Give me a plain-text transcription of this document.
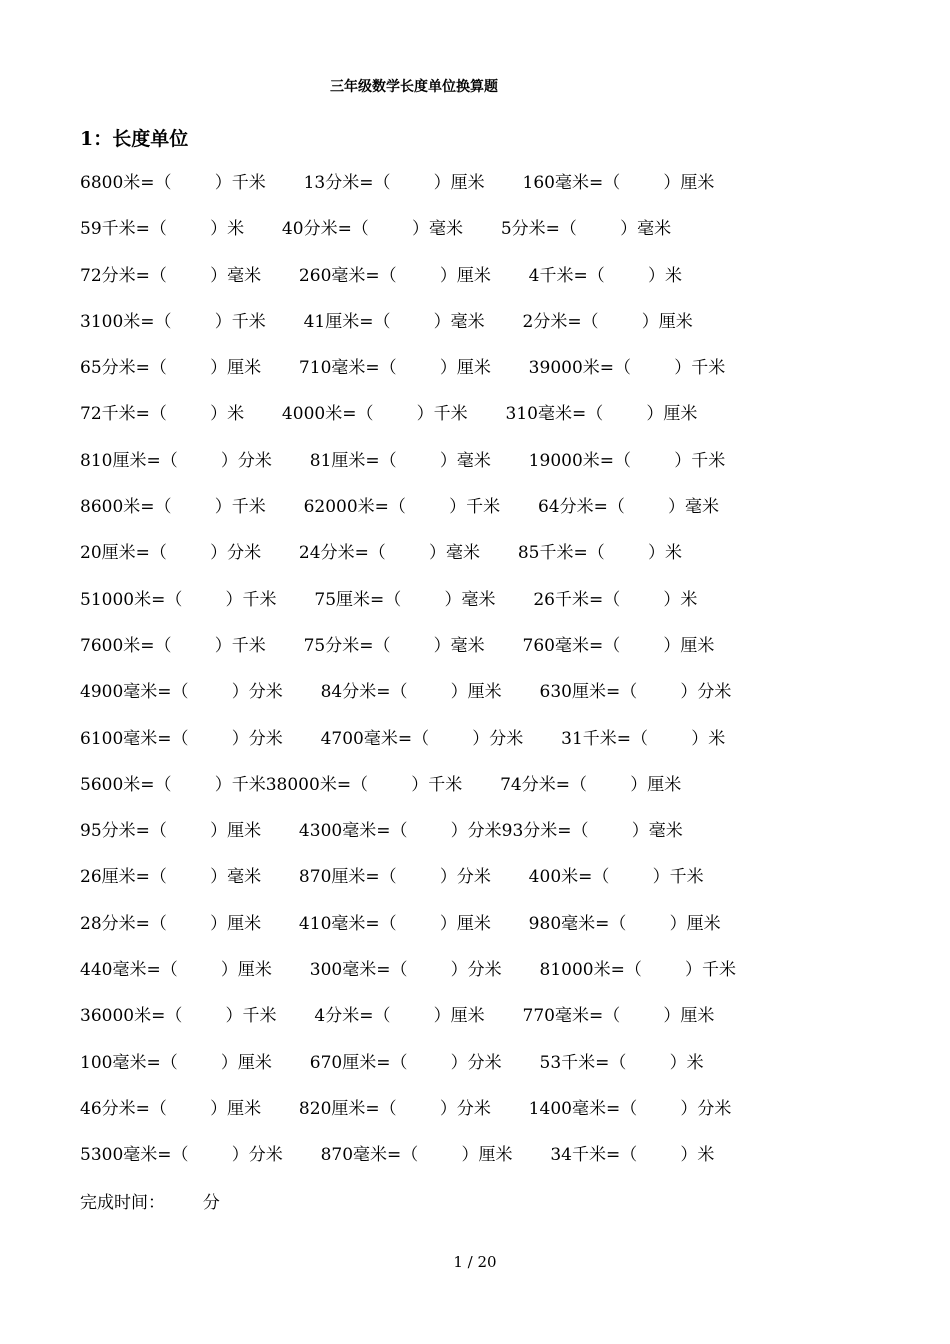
三年级数学长度单位换算题
1：长度单位
6800米=（        ）千米       13分米=（        ）厘米       160毫米=（        ）厘米
59千米=（        ）米       40分米=（        ）毫米       5分米=（        ）毫米
72分米=（        ）毫米       260毫米=（        ）厘米       4千米=（        ）米
3100米=（        ）千米       41厘米=（        ）毫米       2分米=（        ）厘米
65分米=（        ）厘米       710毫米=（        ）厘米       39000米=（        ）千米
72千米=（        ）米       4000米=（        ）千米       310毫米=（        ）厘米
810厘米=（        ）分米       81厘米=（        ）毫米       19000米=（        ）千米
8600米=（        ）千米       62000米=（        ）千米       64分米=（        ）毫米
20厘米=（        ）分米       24分米=（        ）毫米       85千米=（        ）米
51000米=（        ）千米       75厘米=（        ）毫米       26千米=（        ）米
7600米=（        ）千米       75分米=（        ）毫米       760毫米=（        ）厘米
4900毫米=（        ）分米       84分米=（        ）厘米       630厘米=（        ）分米
6100毫米=（        ）分米       4700毫米=（        ）分米       31千米=（        ）米
5600米=（        ）千米38000米=（        ）千米       74分米=（        ）厘米
95分米=（        ）厘米       4300毫米=（        ）分米93分米=（        ）毫米
26厘米=（        ）毫米       870厘米=（        ）分米       400米=（        ）千米
28分米=（        ）厘米       410毫米=（        ）厘米       980毫米=（        ）厘米
440毫米=（        ）厘米       300毫米=（        ）分米       81000米=（        ）千米
36000米=（        ）千米       4分米=（        ）厘米       770毫米=（        ）厘米
100毫米=（        ）厘米       670厘米=（        ）分米       53千米=（        ）米
46分米=（        ）厘米       820厘米=（        ）分米       1400毫米=（        ）分米
5300毫米=（        ）分米       870毫米=（        ）厘米       34千米=（        ）米
完成时间：       分
1 / 20
